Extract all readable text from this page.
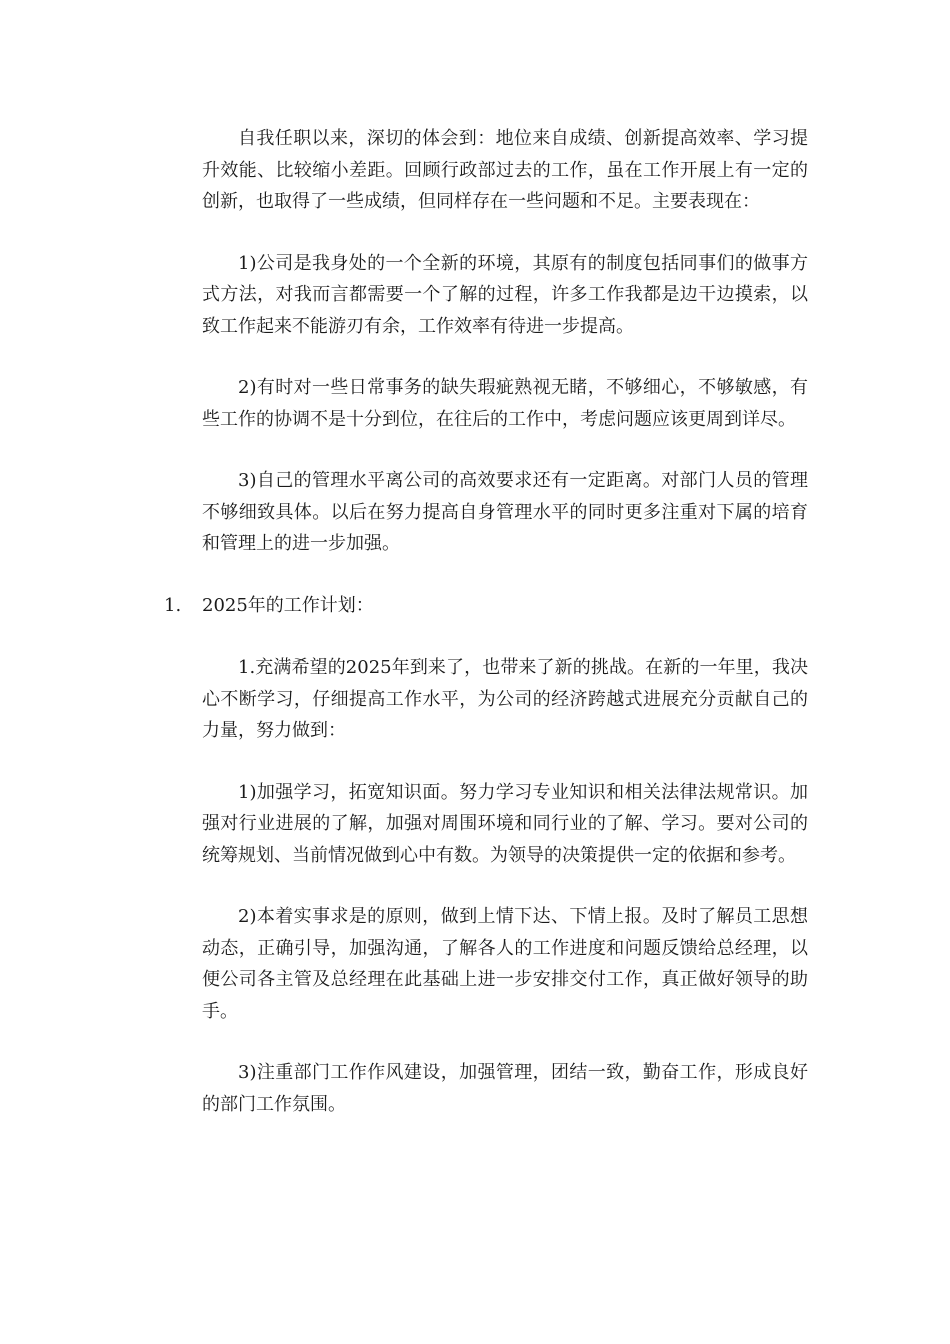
自我任职以来，深切的体会到：地位来自成绩、创新提高效率、学习提升效能、比较缩小差距。回顾行政部过去的工作，虽在工作开展上有一定的创新，也取得了一些成绩，但同样存在一些问题和不足。主要表现在：

1)公司是我身处的一个全新的环境，其原有的制度包括同事们的做事方式方法，对我而言都需要一个了解的过程，许多工作我都是边干边摸索，以致工作起来不能游刃有余，工作效率有待进一步提高。

2)有时对一些日常事务的缺失瑕疵熟视无睹，不够细心，不够敏感，有些工作的协调不是十分到位，在往后的工作中，考虑问题应该更周到详尽。

3)自己的管理水平离公司的高效要求还有一定距离。对部门人员的管理不够细致具体。以后在努力提高自身管理水平的同时更多注重对下属的培育和管理上的进一步加强。

1.	2025年的工作计划：

1.充满希望的2025年到来了，也带来了新的挑战。在新的一年里，我决心不断学习，仔细提高工作水平，为公司的经济跨越式进展充分贡献自己的力量，努力做到：

1)加强学习，拓宽知识面。努力学习专业知识和相关法律法规常识。加强对行业进展的了解，加强对周围环境和同行业的了解、学习。要对公司的统筹规划、当前情况做到心中有数。为领导的决策提供一定的依据和参考。

2)本着实事求是的原则，做到上情下达、下情上报。及时了解员工思想动态，正确引导，加强沟通，了解各人的工作进度和问题反馈给总经理，以便公司各主管及总经理在此基础上进一步安排交付工作，真正做好领导的助手。

3)注重部门工作作风建设，加强管理，团结一致，勤奋工作，形成良好的部门工作氛围。
